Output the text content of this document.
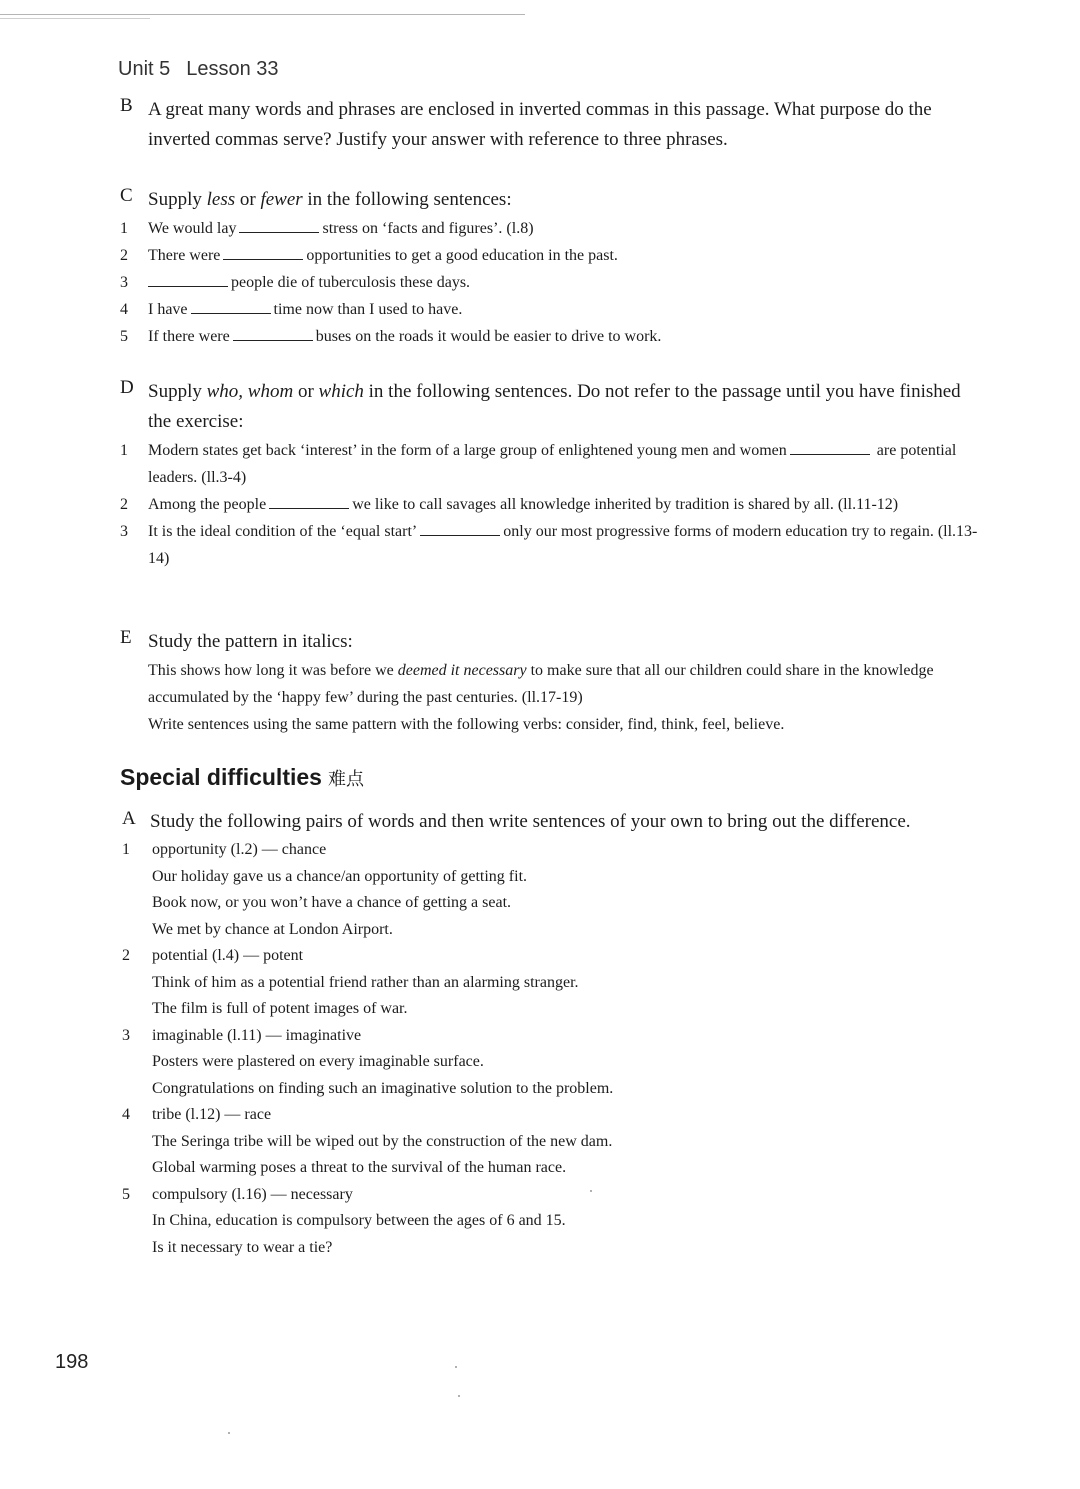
Unit 5 Lesson 33
B A great many words and phrases are enclosed in inverted commas in this passage. What purpose do the inverted commas serve? Justify your answer with reference to three phrases.
C Supply less or fewer in the following sentences:
1 We would lay	stress on ‘facts and figures’. (l.8)
2 There were	opportunities to get a good education in the past.
3	people die of tuberculosis these days.
4 I have	time now than I used to have.
5 If there were	buses on the roads it would be easier to drive to work.
D Supply who, whom or which in the following sentences. Do not refer to the passage until you have finished the exercise:
1 Modern states get back ‘interest’ in the form of a large group of enlightened young men and women	are potential leaders. (ll.3-4)
2 Among the people	we like to call savages all knowledge inherited by tradition is shared by all. (ll.11-12)
3 It is the ideal condition of the ‘equal start’	only our most progressive forms of modern education try to regain. (ll.13-14)
E Study the pattern in italics:
This shows how long it was before we deemed it necessary to make sure that all our children could share in the knowledge accumulated by the ‘happy few’ during the past centuries. (ll.17-19)
Write sentences using the same pattern with the following verbs: consider, find, think, feel, believe.
Special difficulties 难点
A Study the following pairs of words and then write sentences of your own to bring out the difference.
1 opportunity (l.2) — chance
Our holiday gave us a chance/an opportunity of getting fit.
Book now, or you won’t have a chance of getting a seat.
We met by chance at London Airport.
2 potential (l.4) — potent
Think of him as a potential friend rather than an alarming stranger.
The film is full of potent images of war.
3 imaginable (l.11) — imaginative
Posters were plastered on every imaginable surface.
Congratulations on finding such an imaginative solution to the problem.
4 tribe (l.12) — race
The Seringa tribe will be wiped out by the construction of the new dam.
Global warming poses a threat to the survival of the human race.
5 compulsory (l.16) — necessary
In China, education is compulsory between the ages of 6 and 15.
Is it necessary to wear a tie?
198
